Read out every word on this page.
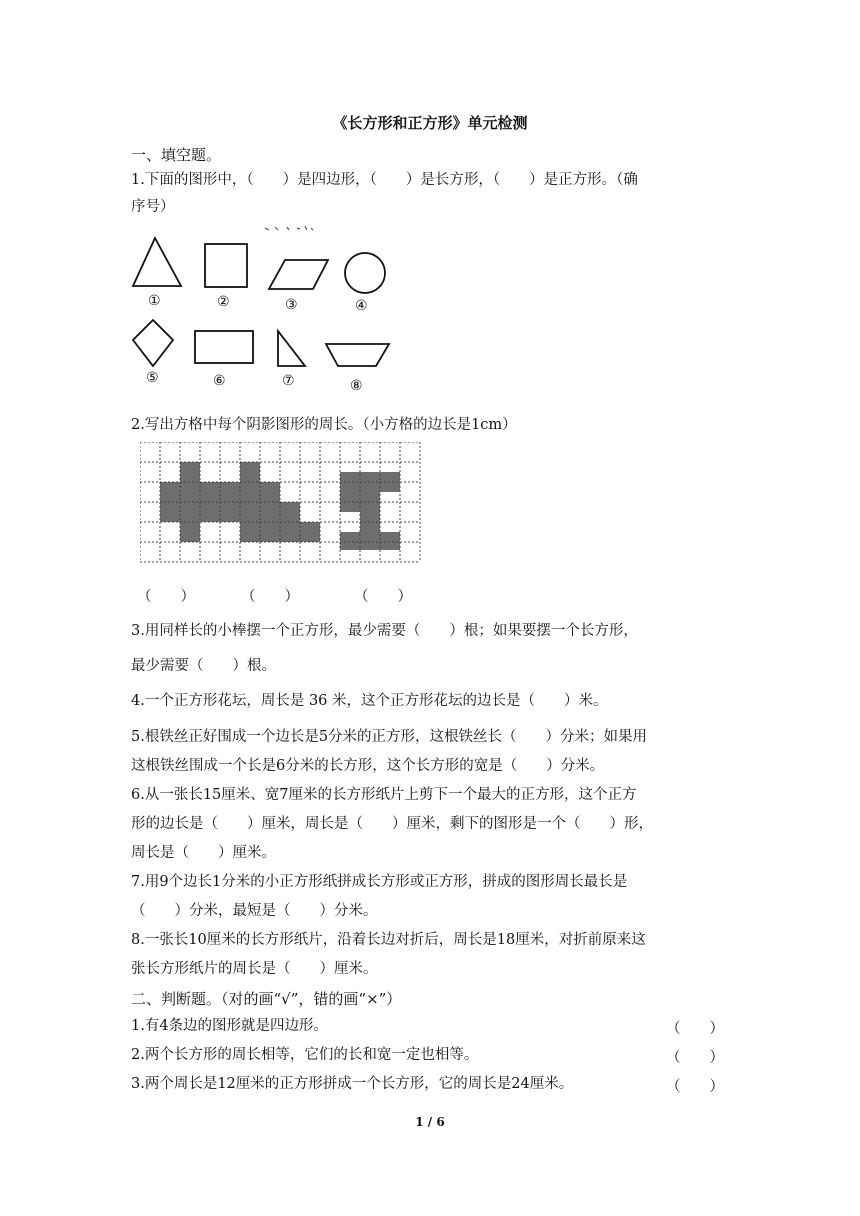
《长方形和正方形》单元检测
一、填空题。
1.下面的图形中，（　　）是四边形，（　　）是长方形，（　　）是正方形。（确
序号）
①	②	③	④
⑤	⑥	⑦	⑧
2.写出方格中每个阴影图形的周长。（小方格的边长是1cm）
（　　）	（　　）	（　　）
3.用同样长的小棒摆一个正方形，最少需要（　　）根；如果要摆一个长方形，
最少需要（　　）根。
4.一个正方形花坛，周长是 36 米，这个正方形花坛的边长是（　　）米。
5.根铁丝正好围成一个边长是5分米的正方形，这根铁丝长（　　）分米；如果用
这根铁丝围成一个长是6分米的长方形，这个长方形的宽是（　　）分米。
6.从一张长15厘米、宽7厘米的长方形纸片上剪下一个最大的正方形，这个正方
形的边长是（　　）厘米，周长是（　　）厘米，剩下的图形是一个（　　）形，
周长是（　　）厘米。
7.用9个边长1分米的小正方形纸拼成长方形或正方形，拼成的图形周长最长是
（　　）分米，最短是（　　）分米。
8.一张长10厘米的长方形纸片，沿着长边对折后，周长是18厘米，对折前原来这
张长方形纸片的周长是（　　）厘米。
二、判断题。（对的画“√”，错的画“×”）
1.有4条边的图形就是四边形。	（　　）
2.两个长方形的周长相等，它们的长和宽一定也相等。	（　　）
3.两个周长是12厘米的正方形拼成一个长方形，它的周长是24厘米。	（　　）
1 / 6
